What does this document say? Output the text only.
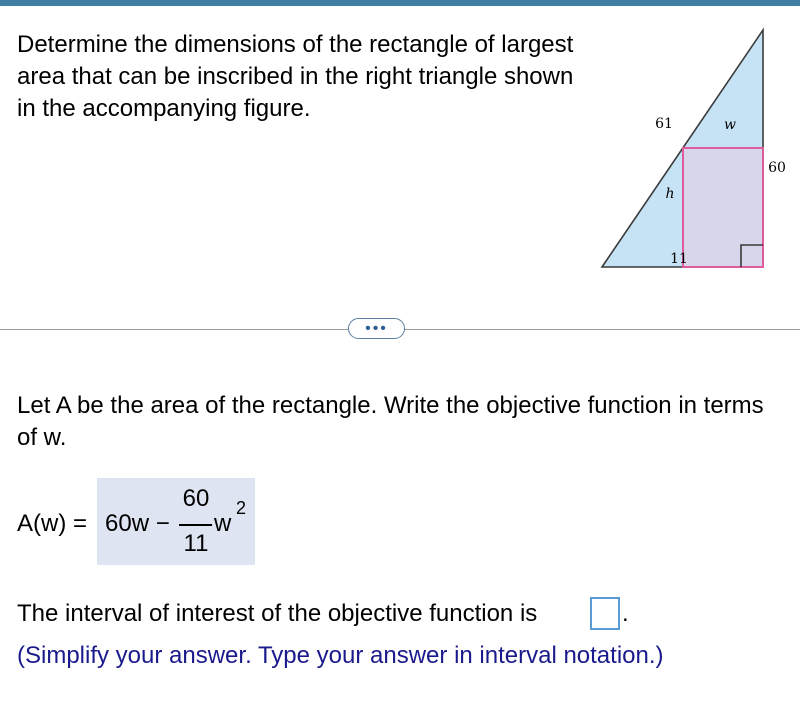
Determine the dimensions of the rectangle of largest area that can be inscribed in the right triangle shown in the accompanying figure.
61	w
h
11
60
•••
Let A be the area of the rectangle. Write the objective function in terms of w.
A(w) = 60w −
60
11
w
2
The interval of interest of the objective function is	.
(Simplify your answer. Type your answer in interval notation.)
